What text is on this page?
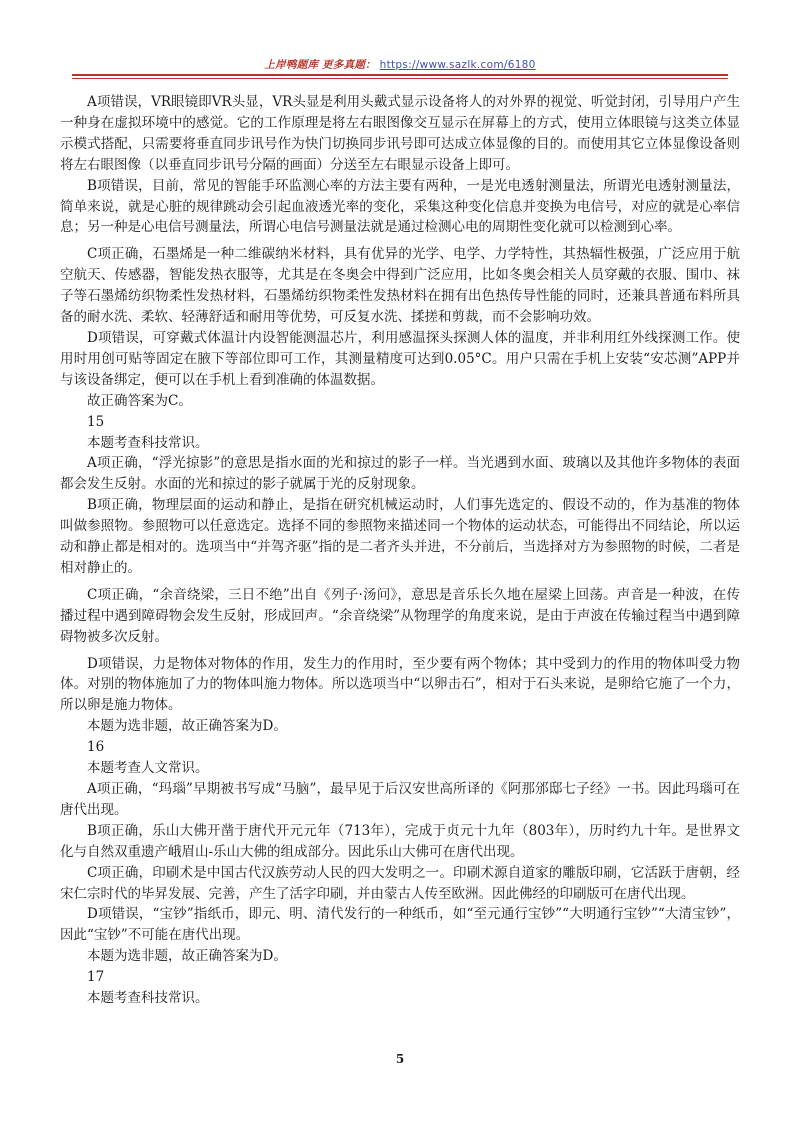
上岸鸭题库 更多真题： https://www.sazlk.com/6180

A项错误，VR眼镜即VR头显，VR头显是利用头戴式显示设备将人的对外界的视觉、听觉封闭，引导用户产生一种身在虚拟环境中的感觉。它的工作原理是将左右眼图像交互显示在屏幕上的方式，使用立体眼镜与这类立体显示模式搭配，只需要将垂直同步讯号作为快门切换同步讯号即可达成立体显像的目的。而使用其它立体显像设备则将左右眼图像（以垂直同步讯号分隔的画面）分送至左右眼显示设备上即可。

B项错误，目前，常见的智能手环监测心率的方法主要有两种，一是光电透射测量法，所谓光电透射测量法，简单来说，就是心脏的规律跳动会引起血液透光率的变化，采集这种变化信息并变换为电信号，对应的就是心率信息；另一种是心电信号测量法，所谓心电信号测量法就是通过检测心电的周期性变化就可以检测到心率。

C项正确，石墨烯是一种二维碳纳米材料，具有优异的光学、电学、力学特性，其热辐性极强，广泛应用于航空航天、传感器，智能发热衣服等，尤其是在冬奥会中得到广泛应用，比如冬奥会相关人员穿戴的衣服、围巾、袜子等石墨烯纺织物柔性发热材料，石墨烯纺织物柔性发热材料在拥有出色热传导性能的同时，还兼具普通布料所具备的耐水洗、柔软、轻薄舒适和耐用等优势，可反复水洗、揉搓和剪裁，而不会影响功效。

D项错误，可穿戴式体温计内设智能测温芯片，利用感温探头探测人体的温度，并非利用红外线探测工作。使用时用创可贴等固定在腋下等部位即可工作，其测量精度可达到0.05°C。用户只需在手机上安装“安芯测”APP并与该设备绑定，便可以在手机上看到准确的体温数据。

故正确答案为C。

15

本题考查科技常识。

A项正确，“浮光掠影”的意思是指水面的光和掠过的影子一样。当光遇到水面、玻璃以及其他许多物体的表面都会发生反射。水面的光和掠过的影子就属于光的反射现象。

B项正确，物理层面的运动和静止，是指在研究机械运动时，人们事先选定的、假设不动的，作为基准的物体叫做参照物。参照物可以任意选定。选择不同的参照物来描述同一个物体的运动状态，可能得出不同结论，所以运动和静止都是相对的。选项当中“并驾齐驱”指的是二者齐头并进，不分前后，当选择对方为参照物的时候，二者是相对静止的。

C项正确，“余音绕梁，三日不绝”出自《列子·汤问》，意思是音乐长久地在屋梁上回荡。声音是一种波，在传播过程中遇到障碍物会发生反射，形成回声。“余音绕梁”从物理学的角度来说，是由于声波在传输过程当中遇到障碍物被多次反射。

D项错误，力是物体对物体的作用，发生力的作用时，至少要有两个物体；其中受到力的作用的物体叫受力物体。对别的物体施加了力的物体叫施力物体。所以选项当中“以卵击石”，相对于石头来说，是卵给它施了一个力，所以卵是施力物体。

本题为选非题，故正确答案为D。

16

本题考查人文常识。

A项正确，“玛瑙”早期被书写成“马脑”，最早见于后汉安世高所译的《阿那邠邸七子经》一书。因此玛瑙可在唐代出现。

B项正确，乐山大佛开凿于唐代开元元年（713年），完成于贞元十九年（803年），历时约九十年。是世界文化与自然双重遗产峨眉山-乐山大佛的组成部分。因此乐山大佛可在唐代出现。

C项正确，印刷术是中国古代汉族劳动人民的四大发明之一。印刷术源自道家的雕版印刷，它活跃于唐朝，经宋仁宗时代的毕昇发展、完善，产生了活字印刷，并由蒙古人传至欧洲。因此佛经的印刷版可在唐代出现。

D项错误，“宝钞”指纸币，即元、明、清代发行的一种纸币，如“至元通行宝钞”“大明通行宝钞”“大清宝钞”，因此“宝钞”不可能在唐代出现。

本题为选非题，故正确答案为D。

17

本题考查科技常识。

5
